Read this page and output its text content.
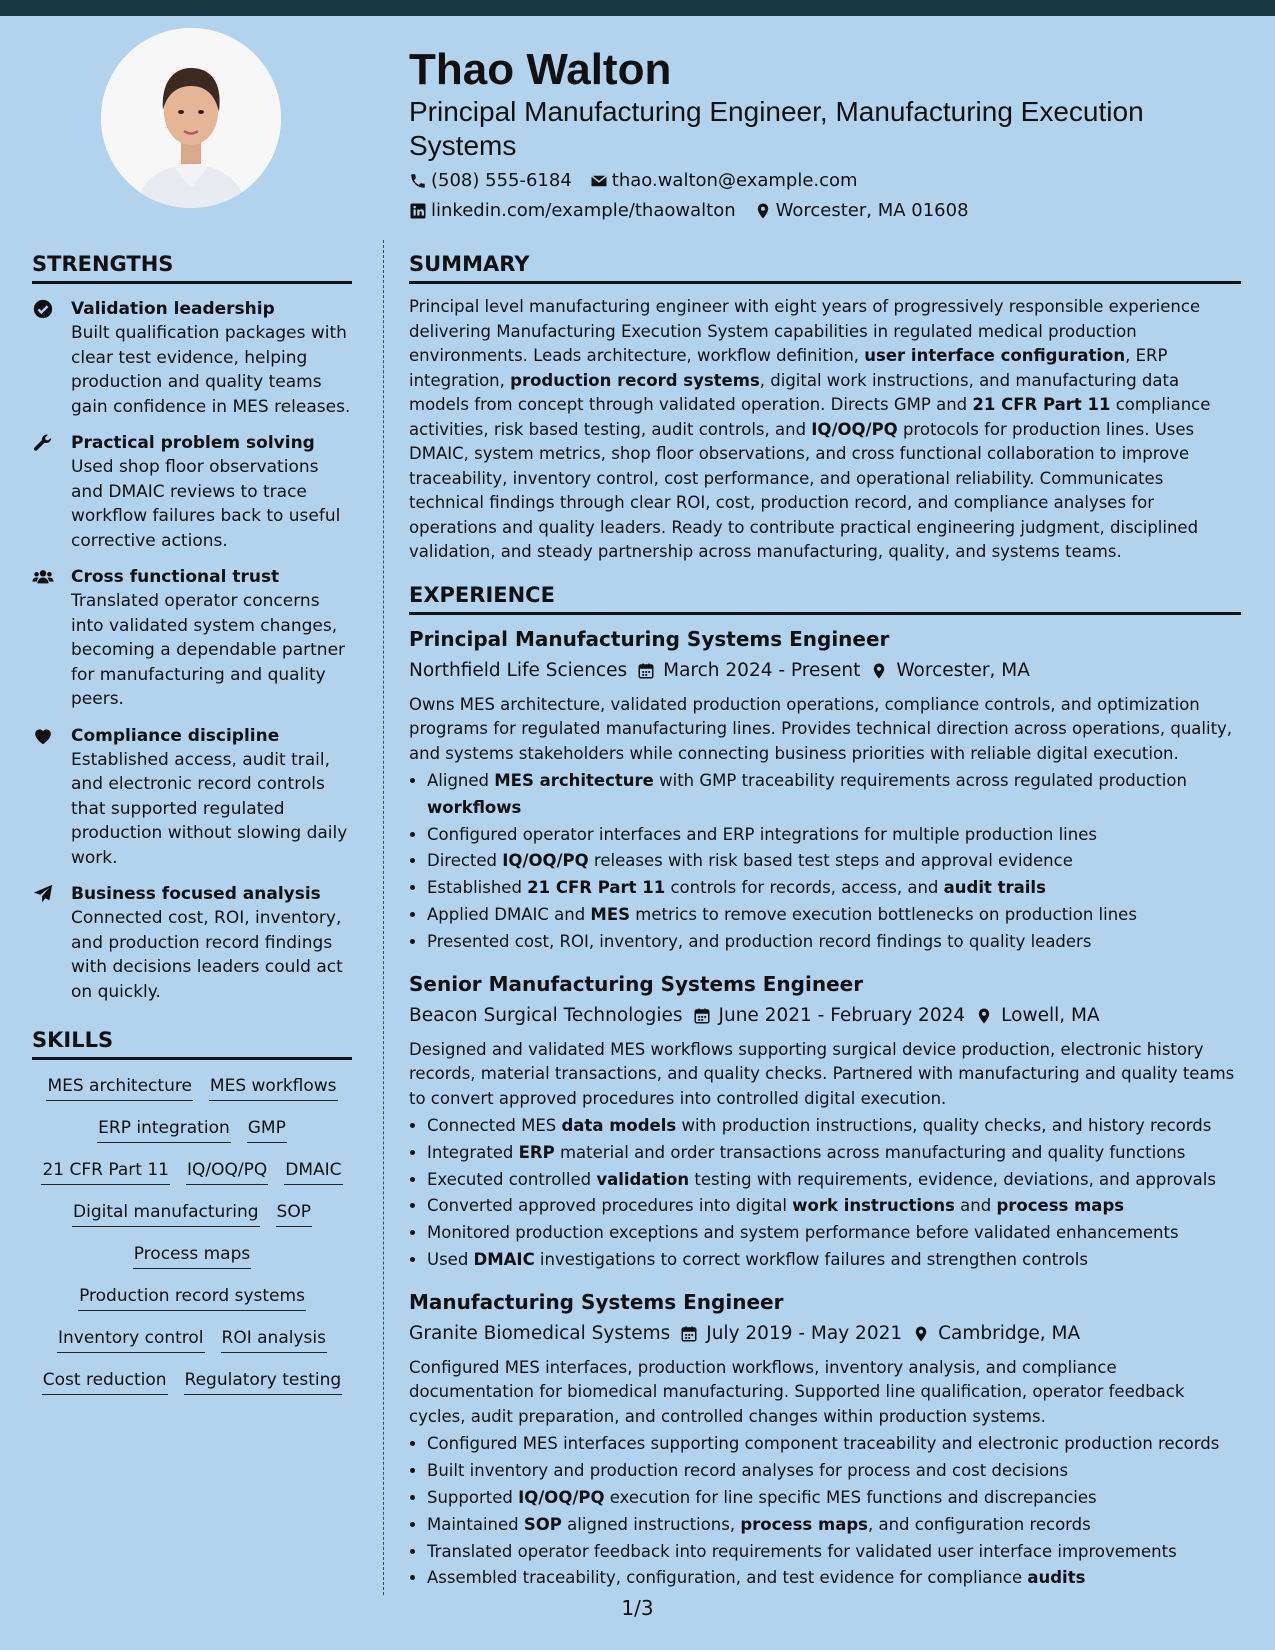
Thao Walton
Principal Manufacturing Engineer, Manufacturing Execution Systems
(508) 555-6184 thao.walton@example.com
linkedin.com/example/thaowalton Worcester, MA 01608
STRENGTHS
Validation leadership
Built qualification packages with clear test evidence, helping production and quality teams gain confidence in MES releases.
Practical problem solving
Used shop floor observations and DMAIC reviews to trace workflow failures back to useful corrective actions.
Cross functional trust
Translated operator concerns into validated system changes, becoming a dependable partner for manufacturing and quality peers.
Compliance discipline
Established access, audit trail, and electronic record controls that supported regulated production without slowing daily work.
Business focused analysis
Connected cost, ROI, inventory, and production record findings with decisions leaders could act on quickly.
SKILLS
MES architecture MES workflows
ERP integration GMP
21 CFR Part 11 IQ/OQ/PQ DMAIC
Digital manufacturing SOP
Process maps
Production record systems
Inventory control ROI analysis
Cost reduction Regulatory testing
SUMMARY

Principal level manufacturing engineer with eight years of progressively responsible experience delivering Manufacturing Execution System capabilities in regulated medical production environments. Leads architecture, workflow definition, user interface configuration, ERP integration, production record systems, digital work instructions, and manufacturing data models from concept through validated operation. Directs GMP and 21 CFR Part 11 compliance activities, risk based testing, audit controls, and IQ/OQ/PQ protocols for production lines. Uses DMAIC, system metrics, shop floor observations, and cross functional collaboration to improve traceability, inventory control, cost performance, and operational reliability. Communicates technical findings through clear ROI, cost, production record, and compliance analyses for operations and quality leaders. Ready to contribute practical engineering judgment, disciplined validation, and steady partnership across manufacturing, quality, and systems teams.

EXPERIENCE
Principal Manufacturing Systems Engineer
Northfield Life Sciences March 2024 - Present Worcester, MA

Owns MES architecture, validated production operations, compliance controls, and optimization programs for regulated manufacturing lines. Provides technical direction across operations, quality, and systems stakeholders while connecting business priorities with reliable digital execution.

• Aligned MES architecture with GMP traceability requirements across regulated production workflows
• Configured operator interfaces and ERP integrations for multiple production lines
• Directed IQ/OQ/PQ releases with risk based test steps and approval evidence
• Established 21 CFR Part 11 controls for records, access, and audit trails
• Applied DMAIC and MES metrics to remove execution bottlenecks on production lines
• Presented cost, ROI, inventory, and production record findings to quality leaders
Senior Manufacturing Systems Engineer
Beacon Surgical Technologies June 2021 - February 2024 Lowell, MA

Designed and validated MES workflows supporting surgical device production, electronic history records, material transactions, and quality checks. Partnered with manufacturing and quality teams to convert approved procedures into controlled digital execution.

• Connected MES data models with production instructions, quality checks, and history records
• Integrated ERP material and order transactions across manufacturing and quality functions
• Executed controlled validation testing with requirements, evidence, deviations, and approvals
• Converted approved procedures into digital work instructions and process maps
• Monitored production exceptions and system performance before validated enhancements
• Used DMAIC investigations to correct workflow failures and strengthen controls
Manufacturing Systems Engineer
Granite Biomedical Systems July 2019 - May 2021 Cambridge, MA

Configured MES interfaces, production workflows, inventory analysis, and compliance documentation for biomedical manufacturing. Supported line qualification, operator feedback cycles, audit preparation, and controlled changes within production systems.

• Configured MES interfaces supporting component traceability and electronic production records
• Built inventory and production record analyses for process and cost decisions
• Supported IQ/OQ/PQ execution for line specific MES functions and discrepancies
• Maintained SOP aligned instructions, process maps, and configuration records
• Translated operator feedback into requirements for validated user interface improvements
• Assembled traceability, configuration, and test evidence for compliance audits
1/3
